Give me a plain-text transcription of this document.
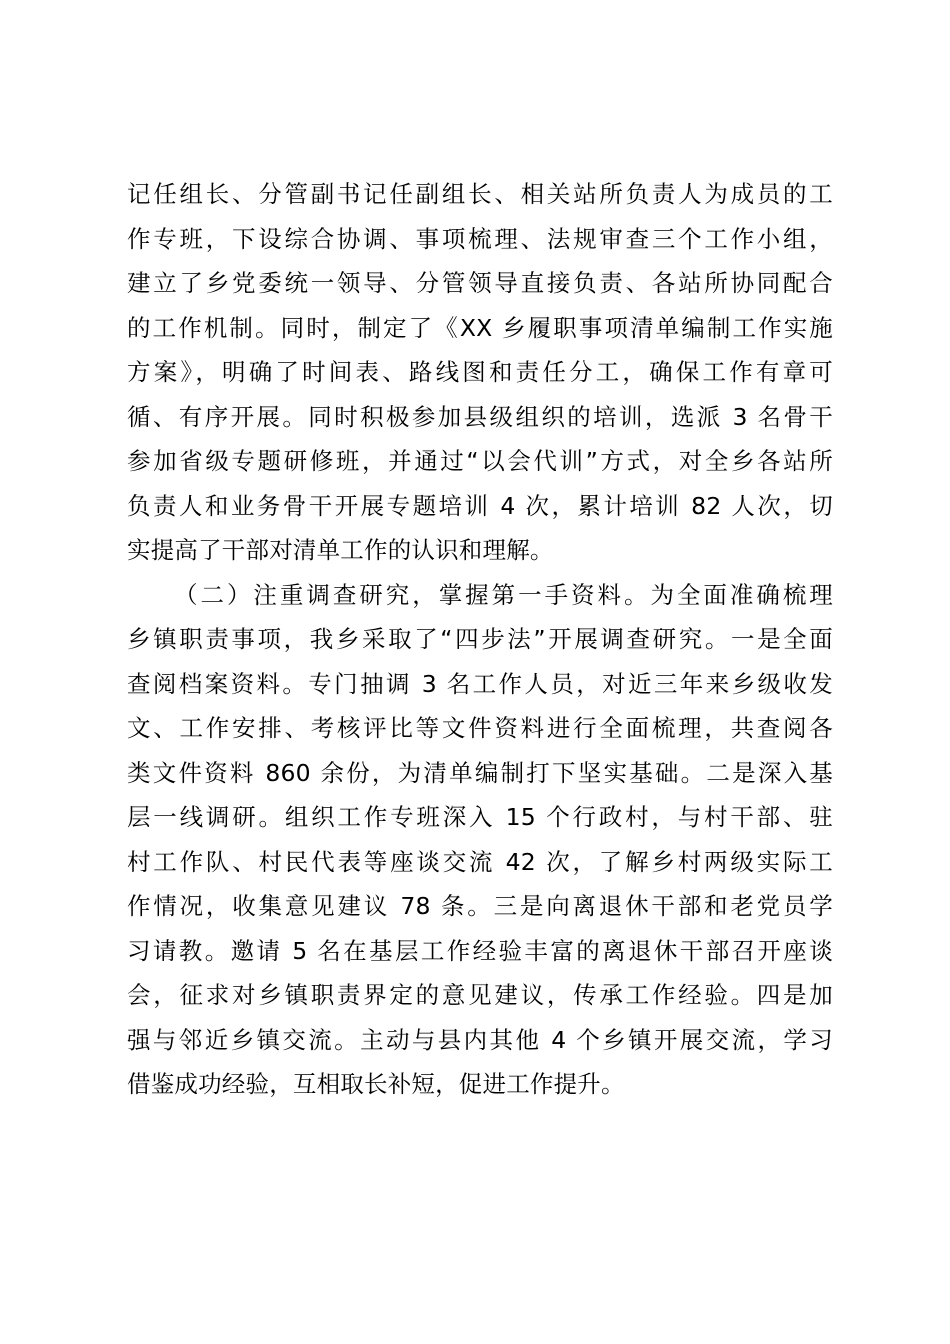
记任组长、分管副书记任副组长、相关站所负责人为成员的工
作专班，下设综合协调、事项梳理、法规审查三个工作小组，
建立了乡党委统一领导、分管领导直接负责、各站所协同配合
的工作机制。同时，制定了《XX 乡履职事项清单编制工作实施
方案》，明确了时间表、路线图和责任分工，确保工作有章可
循、有序开展。同时积极参加县级组织的培训，选派 3 名骨干
参加省级专题研修班，并通过“以会代训”方式，对全乡各站所
负责人和业务骨干开展专题培训 4 次，累计培训 82 人次，切
实提高了干部对清单工作的认识和理解。
（二）注重调查研究，掌握第一手资料。为全面准确梳理
乡镇职责事项，我乡采取了“四步法”开展调查研究。一是全面
查阅档案资料。专门抽调 3 名工作人员，对近三年来乡级收发
文、工作安排、考核评比等文件资料进行全面梳理，共查阅各
类文件资料 860 余份，为清单编制打下坚实基础。二是深入基
层一线调研。组织工作专班深入 15 个行政村，与村干部、驻
村工作队、村民代表等座谈交流 42 次，了解乡村两级实际工
作情况，收集意见建议 78 条。三是向离退休干部和老党员学
习请教。邀请 5 名在基层工作经验丰富的离退休干部召开座谈
会，征求对乡镇职责界定的意见建议，传承工作经验。四是加
强与邻近乡镇交流。主动与县内其他 4 个乡镇开展交流，学习
借鉴成功经验，互相取长补短，促进工作提升。
